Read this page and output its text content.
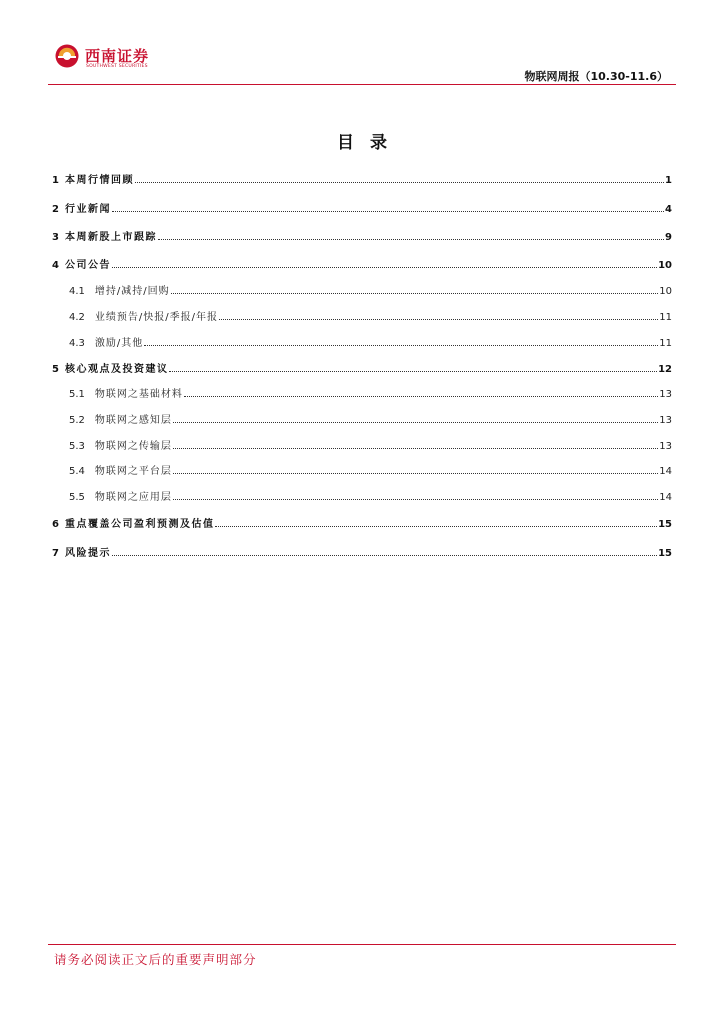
西南证券
SOUTHWEST SECURITIES
物联网周报（10.30-11.6）
目录
1 本周行情回顾	1
2 行业新闻	4
3 本周新股上市跟踪	9
4 公司公告	10
4.1 增持/减持/回购	10
4.2 业绩预告/快报/季报/年报	11
4.3 激励/其他	11
5 核心观点及投资建议	12
5.1 物联网之基础材料	13
5.2 物联网之感知层	13
5.3 物联网之传输层	13
5.4 物联网之平台层	14
5.5 物联网之应用层	14
6 重点覆盖公司盈利预测及估值	15
7 风险提示	15
请务必阅读正文后的重要声明部分
